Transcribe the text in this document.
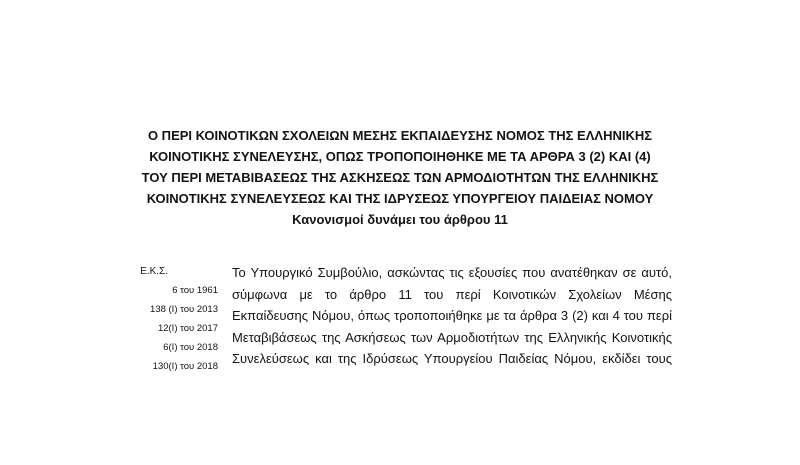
Ο ΠΕΡΙ ΚΟΙΝΟΤΙΚΩΝ ΣΧΟΛΕΙΩΝ ΜΕΣΗΣ ΕΚΠΑΙΔΕΥΣΗΣ ΝΟΜΟΣ ΤΗΣ ΕΛΛΗΝΙΚΗΣ
ΚΟΙΝΟΤΙΚΗΣ ΣΥΝΕΛΕΥΣΗΣ, ΟΠΩΣ ΤΡΟΠΟΠΟΙΗΘΗΚΕ ΜΕ ΤΑ ΑΡΘΡΑ 3 (2) ΚΑΙ (4)
ΤΟΥ ΠΕΡΙ ΜΕΤΑΒΙΒΑΣΕΩΣ ΤΗΣ ΑΣΚΗΣΕΩΣ ΤΩΝ ΑΡΜΟΔΙΟΤΗΤΩΝ ΤΗΣ ΕΛΛΗΝΙΚΗΣ
ΚΟΙΝΟΤΙΚΗΣ ΣΥΝΕΛΕΥΣΕΩΣ ΚΑΙ ΤΗΣ ΙΔΡΥΣΕΩΣ ΥΠΟΥΡΓΕΙΟΥ ΠΑΙΔΕΙΑΣ ΝΟΜΟΥ
Κανονισμοί δυνάμει του άρθρου 11
Ε.Κ.Σ.
6 του 1961
138 (Ι) του 2013
12(Ι) του 2017
6(Ι) του 2018
130(Ι) του 2018
Το Υπουργικό Συμβούλιο, ασκώντας τις εξουσίες που ανατέθηκαν σε αυτό,
σύμφωνα με το άρθρο 11 του περί Κοινοτικών Σχολείων Μέσης
Εκπαίδευσης Νόμου, όπως τροποποιήθηκε με τα άρθρα 3 (2) και 4 του περί
Μεταβιβάσεως της Ασκήσεως των Αρμοδιοτήτων της Ελληνικής Κοινοτικής
Συνελεύσεως και της Ιδρύσεως Υπουργείου Παιδείας Νόμου, εκδίδει τους
